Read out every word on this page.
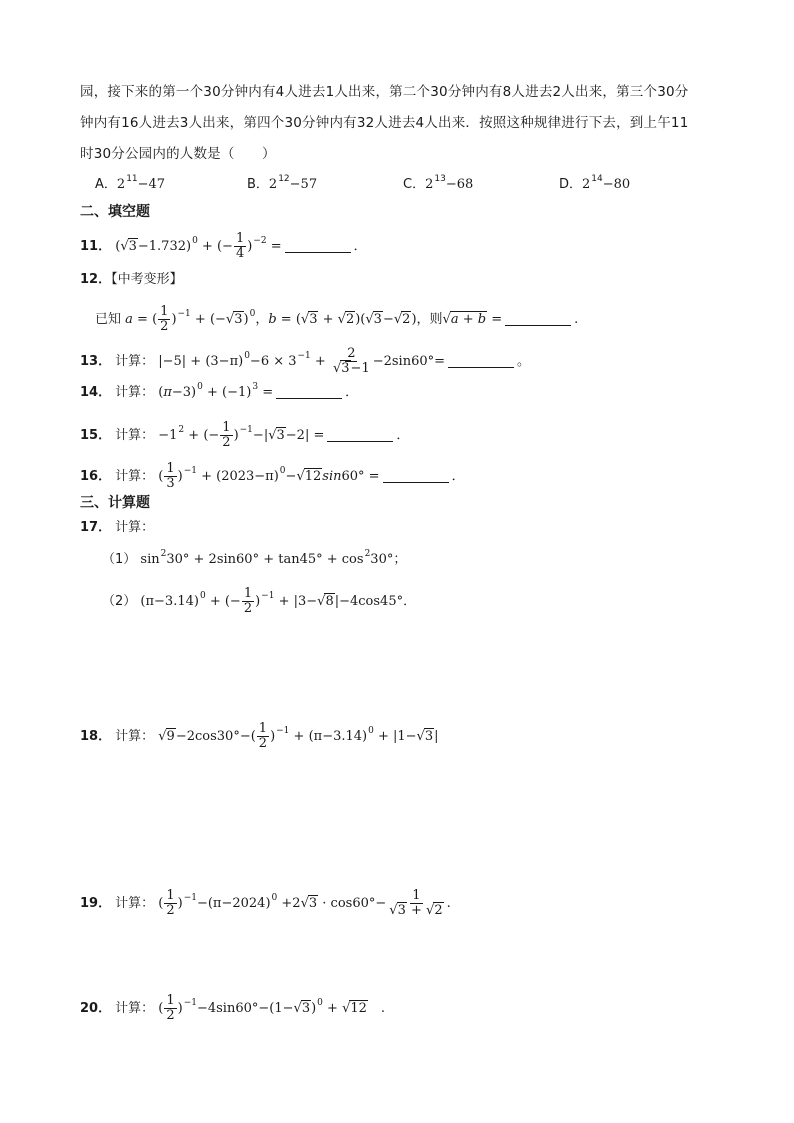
园，接下来的第一个30分钟内有4人进去1人出来，第二个30分钟内有8人进去2人出来，第三个30分
钟内有16人进去3人出来，第四个30分钟内有32人进去4人出来．按照这种规律进行下去，到上午11
时30分公园内的人数是（　　）
A．$2^{11}-47$	B．$2^{12}-57$	C．$2^{13}-68$	D．$2^{14}-80$
二、填空题
11． $(√3-1.732)^0$ + (− $\frac{1}{4} )^{-2}$ =	．
12．【中考变形】
已知 a = ( $\frac{1}{2} )^{-1} + (-√3)^0$，b = (√3 + √2)(√3−√2)，则√a + b =	.
13． 计算： $|-5| + (3-\pi)^0-6 \times 3^{-1} + \frac{2}{√3-1} -2\sin 60^\circ=$	。
14． 计算： $(\pi-3)^0 + (-1)^3$ =	．
15． 计算： $-1^2$ + (− $\frac{1}{2} )^{-1}-|√3-2|$ =	．
16． 计算： ( $\frac{1}{3} )^{-1} + (2023-\pi)^0-√12\sin 60^\circ$ =	．
三、计算题
17． 计算：
（1） $\sin^230^\circ + 2\sin 60^\circ + \tan 45^\circ + \cos^230^\circ$；
（2） $(\pi-3.14)^0$ + (− $\frac{1}{2} )^{-1} + |3-√8|-4\cos 45^\circ$．
18． 计算： $√9-2\cos 30^\circ-( \frac{1}{2} )^{-1} + (\pi-3.14)^0 + |1-√3|$
19． 计算： ( $\frac{1}{2} )^{-1}-(\pi-2024)^0 +2√3 \cdot \cos 60^\circ- \frac{1}{√3 + √2}$ .
20． 计算： ( $\frac{1}{2} )^{-1}-4\sin 60^\circ-(1-√3)^0 + √12$　.
